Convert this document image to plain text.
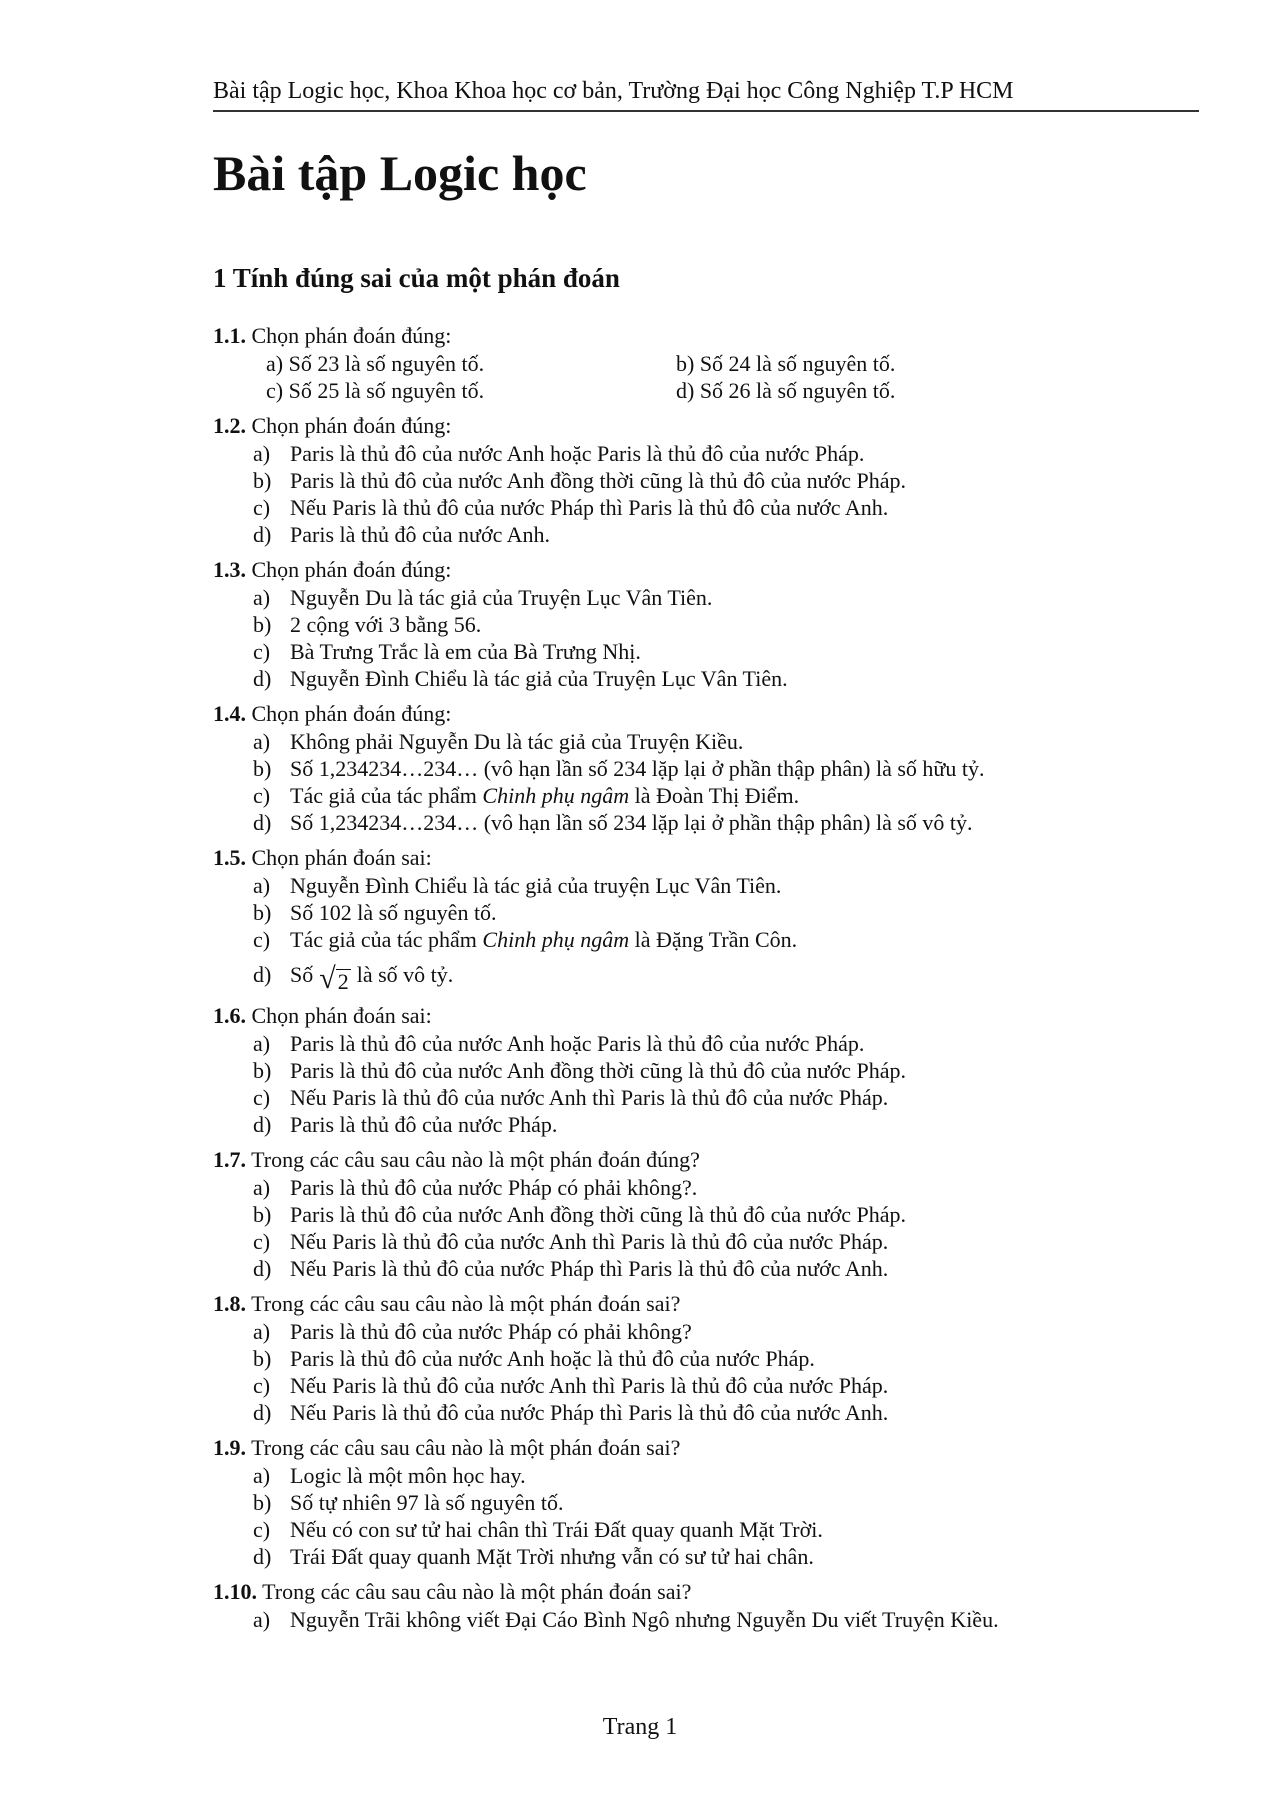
Bài tập Logic học, Khoa Khoa học cơ bản, Trường Đại học Công Nghiệp T.P HCM
Bài tập Logic học
1 Tính đúng sai của một phán đoán
1.1. Chọn phán đoán đúng:
a) Số 23 là số nguyên tố.	b) Số 24 là số nguyên tố.
c) Số 25 là số nguyên tố.	d) Số 26 là số nguyên tố.
1.2. Chọn phán đoán đúng:
a) Paris là thủ đô của nước Anh hoặc Paris là thủ đô của nước Pháp.
b) Paris là thủ đô của nước Anh đồng thời cũng là thủ đô của nước Pháp.
c) Nếu Paris là thủ đô của nước Pháp thì Paris là thủ đô của nước Anh.
d) Paris là thủ đô của nước Anh.
1.3. Chọn phán đoán đúng:
a) Nguyễn Du là tác giả của Truyện Lục Vân Tiên.
b) 2 cộng với 3 bằng 56.
c) Bà Trưng Trắc là em của Bà Trưng Nhị.
d) Nguyễn Đình Chiểu là tác giả của Truyện Lục Vân Tiên.
1.4. Chọn phán đoán đúng:
a) Không phải Nguyễn Du là tác giả của Truyện Kiều.
b) Số 1,234234…234… (vô hạn lần số 234 lặp lại ở phần thập phân) là số hữu tỷ.
c) Tác giả của tác phẩm Chinh phụ ngâm là Đoàn Thị Điểm.
d) Số 1,234234…234… (vô hạn lần số 234 lặp lại ở phần thập phân) là số vô tỷ.
1.5. Chọn phán đoán sai:
a) Nguyễn Đình Chiểu là tác giả của truyện Lục Vân Tiên.
b) Số 102 là số nguyên tố.
c) Tác giả của tác phẩm Chinh phụ ngâm là Đặng Trần Côn.
d) Số √ 2 là số vô tỷ.
1.6. Chọn phán đoán sai:
a) Paris là thủ đô của nước Anh hoặc Paris là thủ đô của nước Pháp.
b) Paris là thủ đô của nước Anh đồng thời cũng là thủ đô của nước Pháp.
c) Nếu Paris là thủ đô của nước Anh thì Paris là thủ đô của nước Pháp.
d) Paris là thủ đô của nước Pháp.
1.7. Trong các câu sau câu nào là một phán đoán đúng?
a) Paris là thủ đô của nước Pháp có phải không?.
b) Paris là thủ đô của nước Anh đồng thời cũng là thủ đô của nước Pháp.
c) Nếu Paris là thủ đô của nước Anh thì Paris là thủ đô của nước Pháp.
d) Nếu Paris là thủ đô của nước Pháp thì Paris là thủ đô của nước Anh.
1.8. Trong các câu sau câu nào là một phán đoán sai?
a) Paris là thủ đô của nước Pháp có phải không?
b) Paris là thủ đô của nước Anh hoặc là thủ đô của nước Pháp.
c) Nếu Paris là thủ đô của nước Anh thì Paris là thủ đô của nước Pháp.
d) Nếu Paris là thủ đô của nước Pháp thì Paris là thủ đô của nước Anh.
1.9. Trong các câu sau câu nào là một phán đoán sai?
a) Logic là một môn học hay.
b) Số tự nhiên 97 là số nguyên tố.
c) Nếu có con sư tử hai chân thì Trái Đất quay quanh Mặt Trời.
d) Trái Đất quay quanh Mặt Trời nhưng vẫn có sư tử hai chân.
1.10. Trong các câu sau câu nào là một phán đoán sai?
a) Nguyễn Trãi không viết Đại Cáo Bình Ngô nhưng Nguyễn Du viết Truyện Kiều.
Trang 1
